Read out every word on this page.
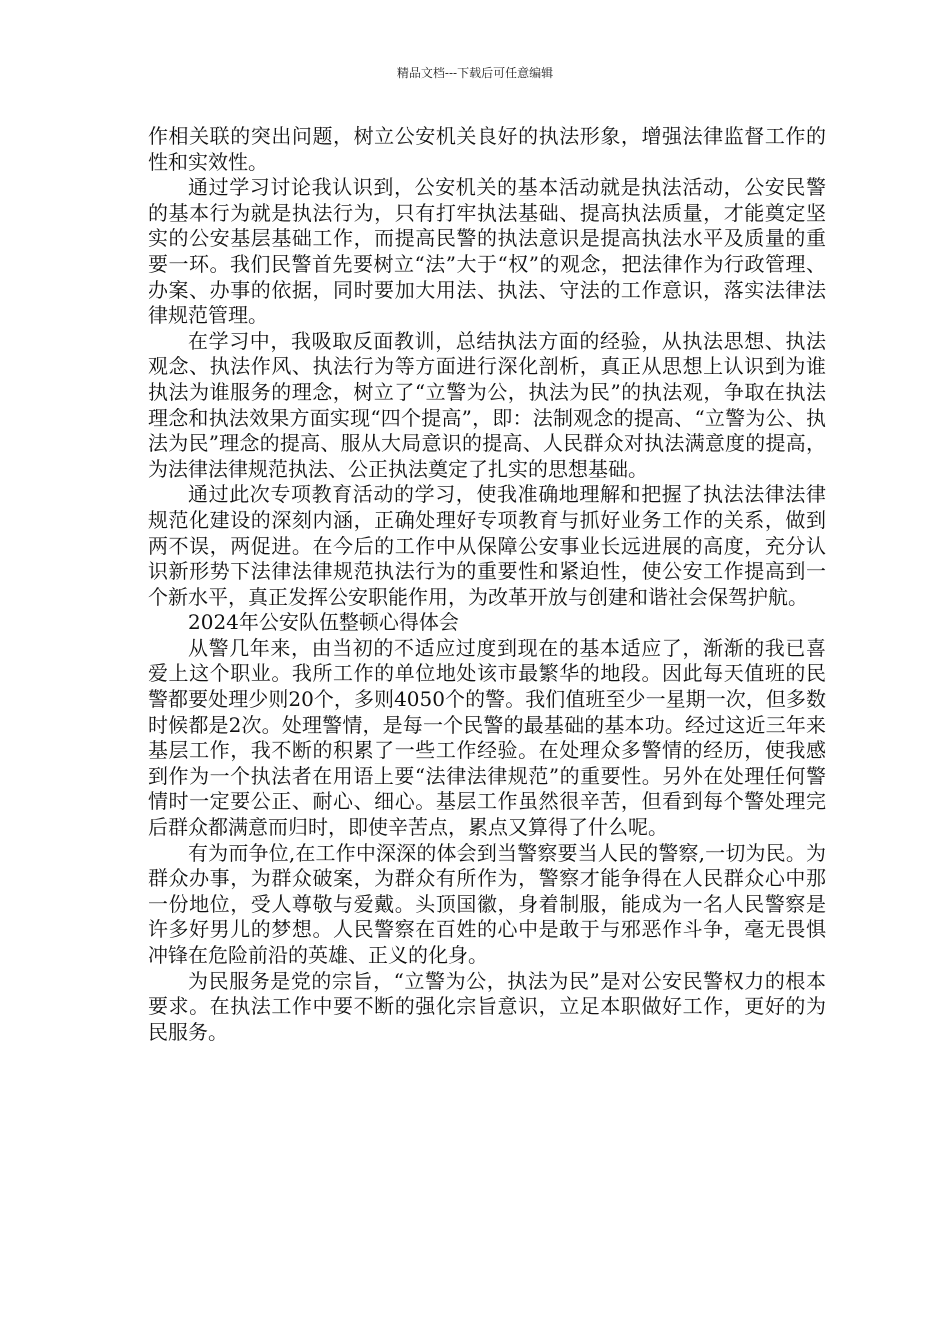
精品文档---下载后可任意编辑

作相关联的突出问题，树立公安机关良好的执法形象，增强法律监督工作的性和实效性。

通过学习讨论我认识到，公安机关的基本活动就是执法活动，公安民警的基本行为就是执法行为，只有打牢执法基础、提高执法质量，才能奠定坚实的公安基层基础工作，而提高民警的执法意识是提高执法水平及质量的重要一环。我们民警首先要树立“法”大于“权”的观念，把法律作为行政管理、办案、办事的依据，同时要加大用法、执法、守法的工作意识，落实法律法律规范管理。

在学习中，我吸取反面教训，总结执法方面的经验，从执法思想、执法观念、执法作风、执法行为等方面进行深化剖析，真正从思想上认识到为谁执法为谁服务的理念，树立了“立警为公，执法为民”的执法观，争取在执法理念和执法效果方面实现“四个提高”，即：法制观念的提高、“立警为公、执法为民”理念的提高、服从大局意识的提高、人民群众对执法满意度的提高，为法律法律规范执法、公正执法奠定了扎实的思想基础。

通过此次专项教育活动的学习，使我准确地理解和把握了执法法律法律规范化建设的深刻内涵，正确处理好专项教育与抓好业务工作的关系，做到两不误，两促进。在今后的工作中从保障公安事业长远进展的高度，充分认识新形势下法律法律规范执法行为的重要性和紧迫性，使公安工作提高到一个新水平，真正发挥公安职能作用，为改革开放与创建和谐社会保驾护航。

2024年公安队伍整顿心得体会

从警几年来，由当初的不适应过度到现在的基本适应了，渐渐的我已喜爱上这个职业。我所工作的单位地处该市最繁华的地段。因此每天值班的民警都要处理少则20个，多则4050个的警。我们值班至少一星期一次，但多数时候都是2次。处理警情，是每一个民警的最基础的基本功。经过这近三年来基层工作，我不断的积累了一些工作经验。在处理众多警情的经历，使我感到作为一个执法者在用语上要“法律法律规范”的重要性。另外在处理任何警情时一定要公正、耐心、细心。基层工作虽然很辛苦，但看到每个警处理完后群众都满意而归时，即使辛苦点，累点又算得了什么呢。

有为而争位,在工作中深深的体会到当警察要当人民的警察,一切为民。为群众办事，为群众破案，为群众有所作为，警察才能争得在人民群众心中那一份地位，受人尊敬与爱戴。头顶国徽，身着制服，能成为一名人民警察是许多好男儿的梦想。人民警察在百姓的心中是敢于与邪恶作斗争，毫无畏惧冲锋在危险前沿的英雄、正义的化身。

为民服务是党的宗旨，“立警为公，执法为民”是对公安民警权力的根本要求。在执法工作中要不断的强化宗旨意识，立足本职做好工作，更好的为民服务。
